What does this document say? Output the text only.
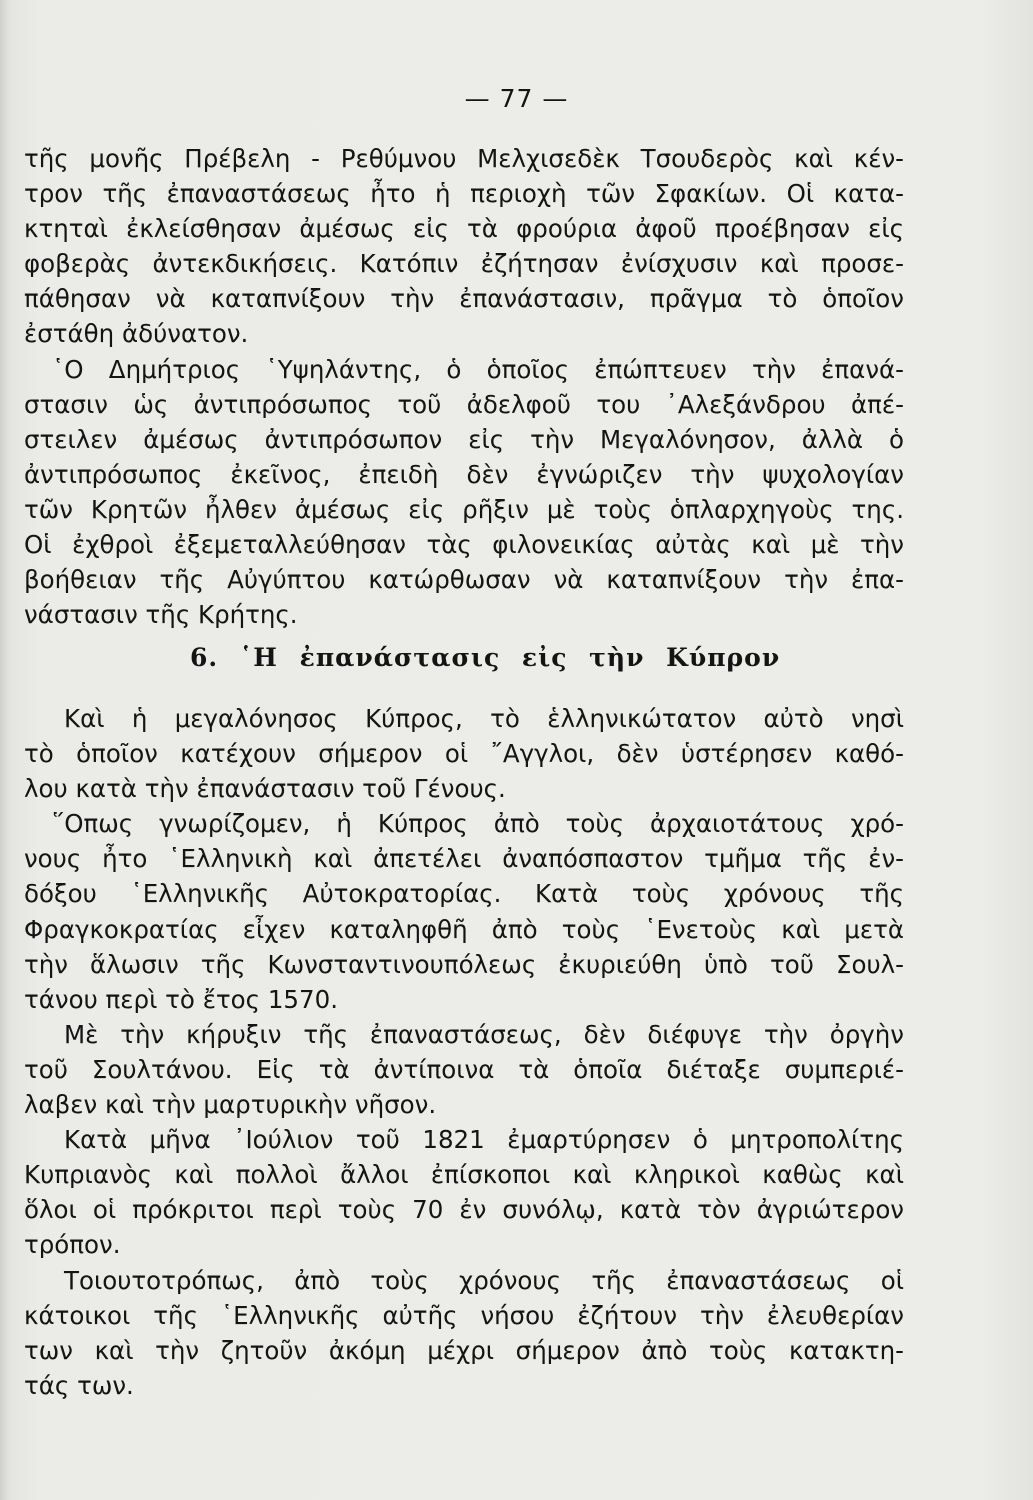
— 77 —
τῆς μονῆς Πρέβελη - Ρεθύμνου Μελχισεδὲκ Τσουδερὸς καὶ κέν-
τρον τῆς ἐπαναστάσεως ἦτο ἡ περιοχὴ τῶν Σφακίων. Οἱ κατα-
κτηταὶ ἐκλείσθησαν ἀμέσως εἰς τὰ φρούρια ἀφοῦ προέβησαν εἰς
φοβερὰς ἀντεκδικήσεις. Κατόπιν ἐζήτησαν ἐνίσχυσιν καὶ προσε-
πάθησαν νὰ καταπνίξουν τὴν ἐπανάστασιν, πρᾶγμα τὸ ὁποῖον
ἐστάθη ἀδύνατον.
῾Ο Δημήτριος ῾Υψηλάντης, ὁ ὁποῖος ἐπώπτευεν τὴν ἐπανά-
στασιν ὡς ἀντιπρόσωπος τοῦ ἀδελφοῦ του ᾿Αλεξάνδρου ἀπέ-
στειλεν ἀμέσως ἀντιπρόσωπον εἰς τὴν Μεγαλόνησον, ἀλλὰ ὁ
ἀντιπρόσωπος ἐκεῖνος, ἐπειδὴ δὲν ἐγνώριζεν τὴν ψυχολογίαν
τῶν Κρητῶν ἦλθεν ἀμέσως εἰς ρῆξιν μὲ τοὺς ὁπλαρχηγοὺς της.
Οἱ ἐχθροὶ ἐξεμεταλλεύθησαν τὰς φιλονεικίας αὐτὰς καὶ μὲ τὴν
βοήθειαν τῆς Αὐγύπτου κατώρθωσαν νὰ καταπνίξουν τὴν ἐπα-
νάστασιν τῆς Κρήτης.
6. ῾Η ἐπανάστασις εἰς τὴν Κύπρον
Καὶ ἡ μεγαλόνησος Κύπρος, τὸ ἑλληνικώτατον αὐτὸ νησὶ
τὸ ὁποῖον κατέχουν σήμερον οἱ ῎Αγγλοι, δὲν ὑστέρησεν καθό-
λου κατὰ τὴν ἐπανάστασιν τοῦ Γένους.
῞Οπως γνωρίζομεν, ἡ Κύπρος ἀπὸ τοὺς ἀρχαιοτάτους χρό-
νους ἦτο ῾Ελληνικὴ καὶ ἀπετέλει ἀναπόσπαστον τμῆμα τῆς ἐν-
δόξου ῾Ελληνικῆς Αὐτοκρατορίας. Κατὰ τοὺς χρόνους τῆς
Φραγκοκρατίας εἶχεν καταληφθῆ ἀπὸ τοὺς ῾Ενετοὺς καὶ μετὰ
τὴν ἅλωσιν τῆς Κωνσταντινουπόλεως ἐκυριεύθη ὑπὸ τοῦ Σουλ-
τάνου περὶ τὸ ἔτος 1570.
Μὲ τὴν κήρυξιν τῆς ἐπαναστάσεως, δὲν διέφυγε τὴν ὀργὴν
τοῦ Σουλτάνου. Εἰς τὰ ἀντίποινα τὰ ὁποῖα διέταξε συμπεριέ-
λαβεν καὶ τὴν μαρτυρικὴν νῆσον.
Κατὰ μῆνα ᾿Ιούλιον τοῦ 1821 ἐμαρτύρησεν ὁ μητροπολίτης
Κυπριανὸς καὶ πολλοὶ ἄλλοι ἐπίσκοποι καὶ κληρικοὶ καθὼς καὶ
ὅλοι οἱ πρόκριτοι περὶ τοὺς 70 ἐν συνόλῳ, κατὰ τὸν ἀγριώτερον
τρόπον.
Τοιουτοτρόπως, ἀπὸ τοὺς χρόνους τῆς ἐπαναστάσεως οἱ
κάτοικοι τῆς ῾Ελληνικῆς αὐτῆς νήσου ἐζήτουν τὴν ἐλευθερίαν
των καὶ τὴν ζητοῦν ἀκόμη μέχρι σήμερον ἀπὸ τοὺς κατακτη-
τάς των.
